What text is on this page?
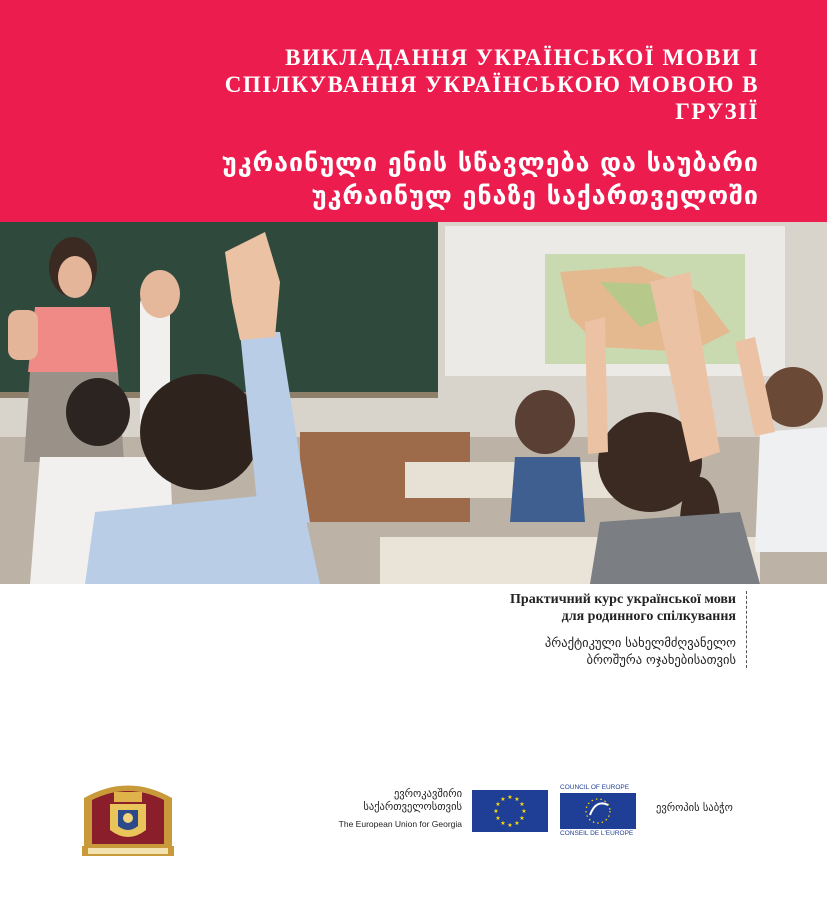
ВИКЛАДАННЯ УКРАЇНСЬКОЇ МОВИ І
СПІЛКУВАННЯ УКРАЇНСЬКОЮ МОВОЮ В
ГРУЗІЇ
უკრაინული ენის სწავლება და საუბარი
უკრაინულ ენაზე საქართველოში
Практичний курс української мови
для родинного спілкування
პრაქტიკული სახელმძღვანელო
ბროშურა ოჯახებისათვის
ევროკავშირი
საქართველოსთვის
The European Union for Georgia
★ ★
★
★
★
★
★
★
★
★
★
★
COUNCIL OF EUROPE
CONSEIL DE L'EUROPE
ევროპის საბჭო
